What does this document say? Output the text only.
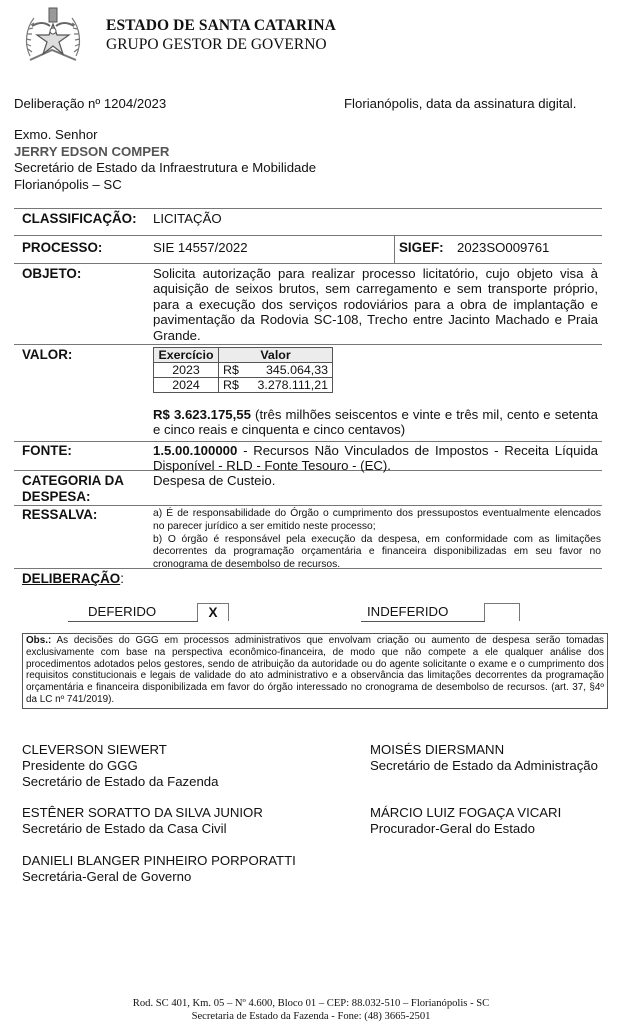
ESTADO DE SANTA CATARINA
GRUPO GESTOR DE GOVERNO
Deliberação nº 1204/2023	Florianópolis, data da assinatura digital.
Exmo. Senhor
JERRY EDSON COMPER
Secretário de Estado da Infraestrutura e Mobilidade
Florianópolis – SC
CLASSIFICAÇÃO: LICITAÇÃO
PROCESSO:	SIE 14557/2022	SIGEF: 2023SO009761
OBJETO:	Solicita autorização para realizar processo licitatório, cujo objeto visa à aquisição de seixos brutos, sem carregamento e sem transporte próprio, para a execução dos serviços rodoviários para a obra de implantação e pavimentação da Rodovia SC-108, Trecho entre Jacinto Machado e Praia Grande.
VALOR:	Exercício	Valor
2023	R$ 345.064,33

2024	R$ 3.278.111,21
R$ 3.623.175,55 (três milhões seiscentos e vinte e três mil, cento e setenta e cinco reais e cinquenta e cinco centavos)
FONTE:	1.5.00.100000 - Recursos Não Vinculados de Impostos - Receita Líquida Disponível - RLD - Fonte Tesouro - (EC).
CATEGORIA DA
DESPESA:
Despesa de Custeio.
RESSALVA:	a) É de responsabilidade do Órgão o cumprimento dos pressupostos eventualmente elencados no parecer jurídico a ser emitido neste processo;
b) O órgão é responsável pela execução da despesa, em conformidade com as limitações decorrentes da programação orçamentária e financeira disponibilizadas em seu favor no cronograma de desembolso de recursos.
DELIBERAÇÃO:
DEFERIDO	X	INDEFERIDO
Obs.: As decisões do GGG em processos administrativos que envolvam criação ou aumento de despesa serão tomadas exclusivamente com base na perspectiva econômico-financeira, de modo que não compete a ele qualquer análise dos procedimentos adotados pelos gestores, sendo de atribuição da autoridade ou do agente solicitante o exame e o cumprimento dos requisitos constitucionais e legais de validade do ato administrativo e a observância das limitações decorrentes da programação orçamentária e financeira disponibilizada em favor do órgão interessado no cronograma de desembolso de recursos. (art. 37, §4º da LC nº 741/2019).
CLEVERSON SIEWERT
Presidente do GGG
Secretário de Estado da Fazenda
MOISÉS DIERSMANN
Secretário de Estado da Administração
ESTÊNER SORATTO DA SILVA JUNIOR
Secretário de Estado da Casa Civil
MÁRCIO LUIZ FOGAÇA VICARI
Procurador-Geral do Estado
DANIELI BLANGER PINHEIRO PORPORATTI
Secretária-Geral de Governo
Rod. SC 401, Km. 05 – Nº 4.600, Bloco 01 – CEP: 88.032-510 – Florianópolis - SC
Secretaria de Estado da Fazenda - Fone: (48) 3665-2501
